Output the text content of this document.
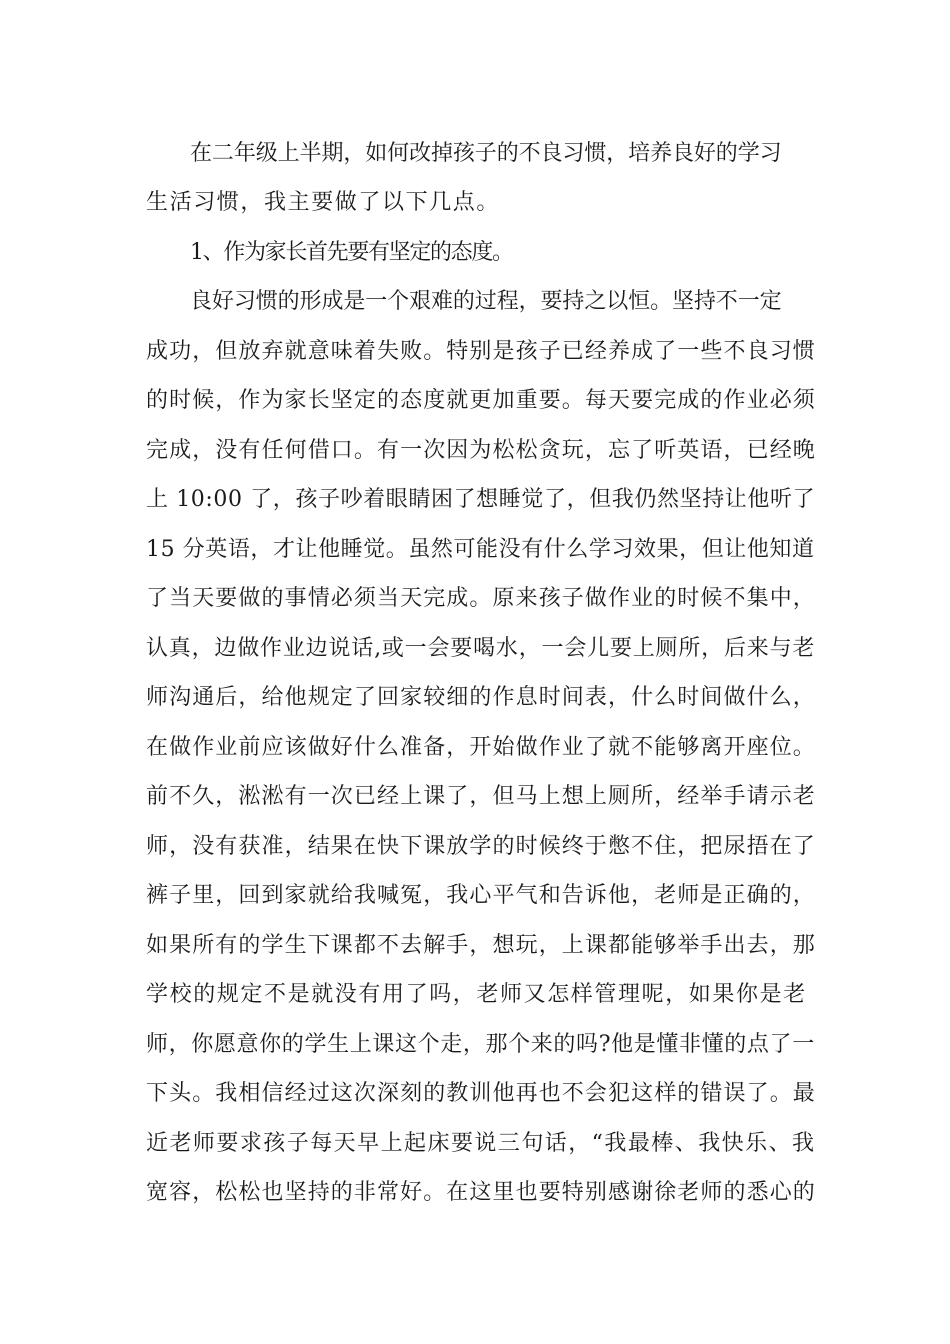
在二年级上半期，如何改掉孩子的不良习惯，培养良好的学习
生活习惯，我主要做了以下几点。
1、作为家长首先要有坚定的态度。
良好习惯的形成是一个艰难的过程，要持之以恒。坚持不一定
成功，但放弃就意味着失败。特别是孩子已经养成了一些不良习惯
的时候，作为家长坚定的态度就更加重要。每天要完成的作业必须
完成，没有任何借口。有一次因为松松贪玩，忘了听英语，已经晚
上 10:00 了，孩子吵着眼睛困了想睡觉了，但我仍然坚持让他听了
15 分英语，才让他睡觉。虽然可能没有什么学习效果，但让他知道
了当天要做的事情必须当天完成。原来孩子做作业的时候不集中，
认真，边做作业边说话,或一会要喝水，一会儿要上厕所，后来与老
师沟通后，给他规定了回家较细的作息时间表，什么时间做什么，
在做作业前应该做好什么准备，开始做作业了就不能够离开座位。
前不久，淞淞有一次已经上课了，但马上想上厕所，经举手请示老
师，没有获准，结果在快下课放学的时候终于憋不住，把尿捂在了
裤子里，回到家就给我喊冤，我心平气和告诉他，老师是正确的，
如果所有的学生下课都不去解手，想玩，上课都能够举手出去，那
学校的规定不是就没有用了吗，老师又怎样管理呢，如果你是老
师，你愿意你的学生上课这个走，那个来的吗?他是懂非懂的点了一
下头。我相信经过这次深刻的教训他再也不会犯这样的错误了。最
近老师要求孩子每天早上起床要说三句话，“我最棒、我快乐、我
宽容，松松也坚持的非常好。在这里也要特别感谢徐老师的悉心的
